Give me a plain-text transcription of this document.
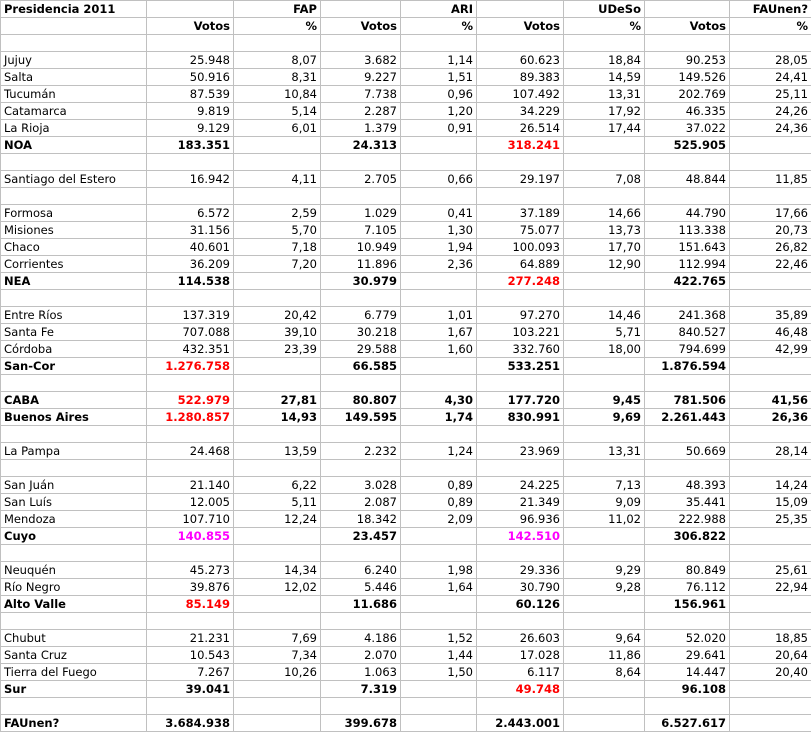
Presidencia 2011		FAP		ARI		UDeSo		FAUnen?
	Votos	%	Votos	%	Votos	%	Votos	%

Jujuy	25.948	8,07	3.682	1,14	60.623	18,84	90.253	28,05
Salta	50.916	8,31	9.227	1,51	89.383	14,59	149.526	24,41
Tucumán	87.539	10,84	7.738	0,96	107.492	13,31	202.769	25,11
Catamarca	9.819	5,14	2.287	1,20	34.229	17,92	46.335	24,26
La Rioja	9.129	6,01	1.379	0,91	26.514	17,44	37.022	24,36
NOA	183.351		24.313		318.241		525.905	

Santiago del Estero	16.942	4,11	2.705	0,66	29.197	7,08	48.844	11,85

Formosa	6.572	2,59	1.029	0,41	37.189	14,66	44.790	17,66
Misiones	31.156	5,70	7.105	1,30	75.077	13,73	113.338	20,73
Chaco	40.601	7,18	10.949	1,94	100.093	17,70	151.643	26,82
Corrientes	36.209	7,20	11.896	2,36	64.889	12,90	112.994	22,46
NEA	114.538		30.979		277.248		422.765	

Entre Ríos	137.319	20,42	6.779	1,01	97.270	14,46	241.368	35,89
Santa Fe	707.088	39,10	30.218	1,67	103.221	5,71	840.527	46,48
Córdoba	432.351	23,39	29.588	1,60	332.760	18,00	794.699	42,99
San-Cor	1.276.758		66.585		533.251		1.876.594	

CABA	522.979	27,81	80.807	4,30	177.720	9,45	781.506	41,56
Buenos Aires	1.280.857	14,93	149.595	1,74	830.991	9,69	2.261.443	26,36

La Pampa	24.468	13,59	2.232	1,24	23.969	13,31	50.669	28,14

San Juán	21.140	6,22	3.028	0,89	24.225	7,13	48.393	14,24
San Luís	12.005	5,11	2.087	0,89	21.349	9,09	35.441	15,09
Mendoza	107.710	12,24	18.342	2,09	96.936	11,02	222.988	25,35
Cuyo	140.855		23.457		142.510		306.822	

Neuquén	45.273	14,34	6.240	1,98	29.336	9,29	80.849	25,61
Río Negro	39.876	12,02	5.446	1,64	30.790	9,28	76.112	22,94
Alto Valle	85.149		11.686		60.126		156.961	

Chubut	21.231	7,69	4.186	1,52	26.603	9,64	52.020	18,85
Santa Cruz	10.543	7,34	2.070	1,44	17.028	11,86	29.641	20,64
Tierra del Fuego	7.267	10,26	1.063	1,50	6.117	8,64	14.447	20,40
Sur	39.041		7.319		49.748		96.108	

FAUnen?	3.684.938		399.678		2.443.001		6.527.617	
